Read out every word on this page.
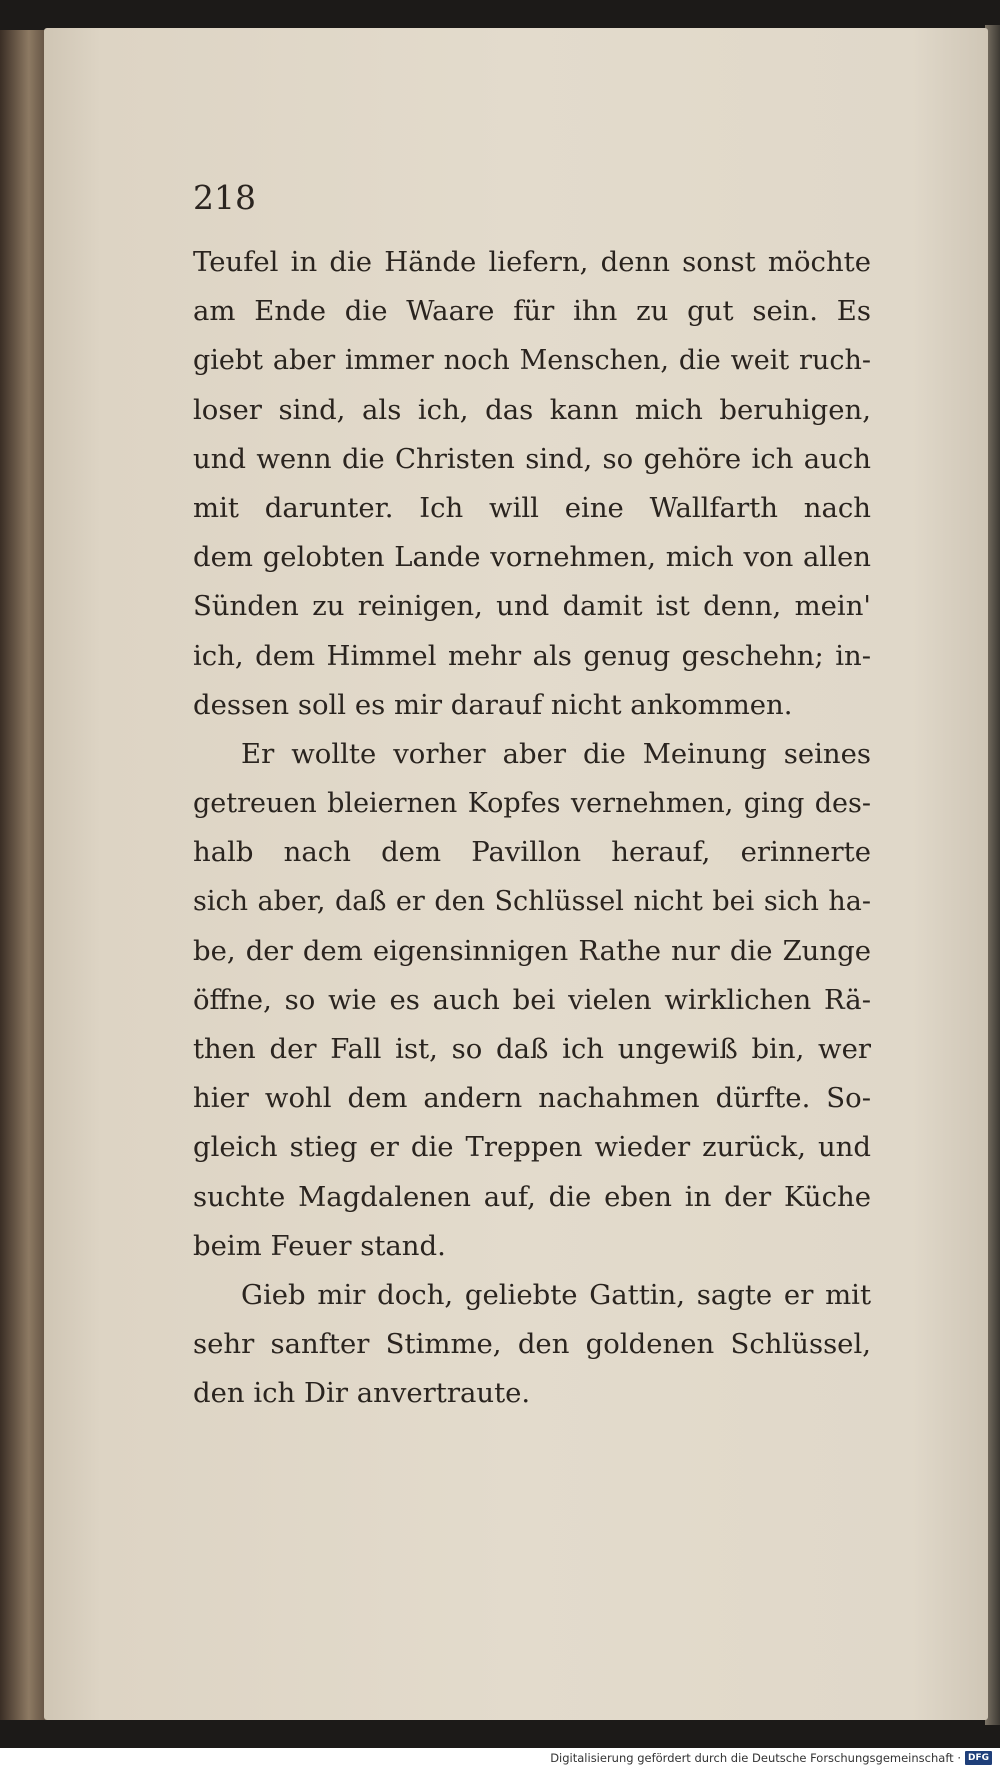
218
Teufel in die Hände liefern, denn sonst möchte
am Ende die Waare für ihn zu gut sein. Es
giebt aber immer noch Menschen, die weit ruch-
loser sind, als ich, das kann mich beruhigen,
und wenn die Christen sind, so gehöre ich auch
mit darunter. Ich will eine Wallfarth nach
dem gelobten Lande vornehmen, mich von allen
Sünden zu reinigen, und damit ist denn, mein'
ich, dem Himmel mehr als genug geschehn; in-
dessen soll es mir darauf nicht ankommen.
Er wollte vorher aber die Meinung seines
getreuen bleiernen Kopfes vernehmen, ging des-
halb nach dem Pavillon herauf, erinnerte
sich aber, daß er den Schlüssel nicht bei sich ha-
be, der dem eigensinnigen Rathe nur die Zunge
öffne, so wie es auch bei vielen wirklichen Rä-
then der Fall ist, so daß ich ungewiß bin, wer
hier wohl dem andern nachahmen dürfte. So-
gleich stieg er die Treppen wieder zurück, und
suchte Magdalenen auf, die eben in der Küche
beim Feuer stand.
Gieb mir doch, geliebte Gattin, sagte er mit
sehr sanfter Stimme, den goldenen Schlüssel,
den ich Dir anvertraute.
Digitalisierung gefördert durch die Deutsche Forschungsgemeinschaft · DFG
